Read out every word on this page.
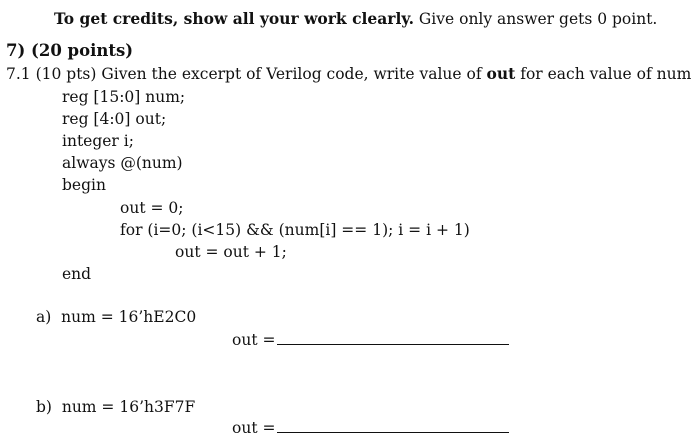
To get credits, show all your work clearly. Give only answer gets 0 point.
7) (20 points)
7.1 (10 pts) Given the excerpt of Verilog code, write value of out for each value of num
reg [15:0] num;
reg [4:0] out;
integer i;
always @(num)
begin
out = 0;
for (i=0; (i<15) && (num[i] == 1); i = i + 1)
out = out + 1;
end
a) num = 16’hE2C0
out =
b) num = 16’h3F7F
out =
